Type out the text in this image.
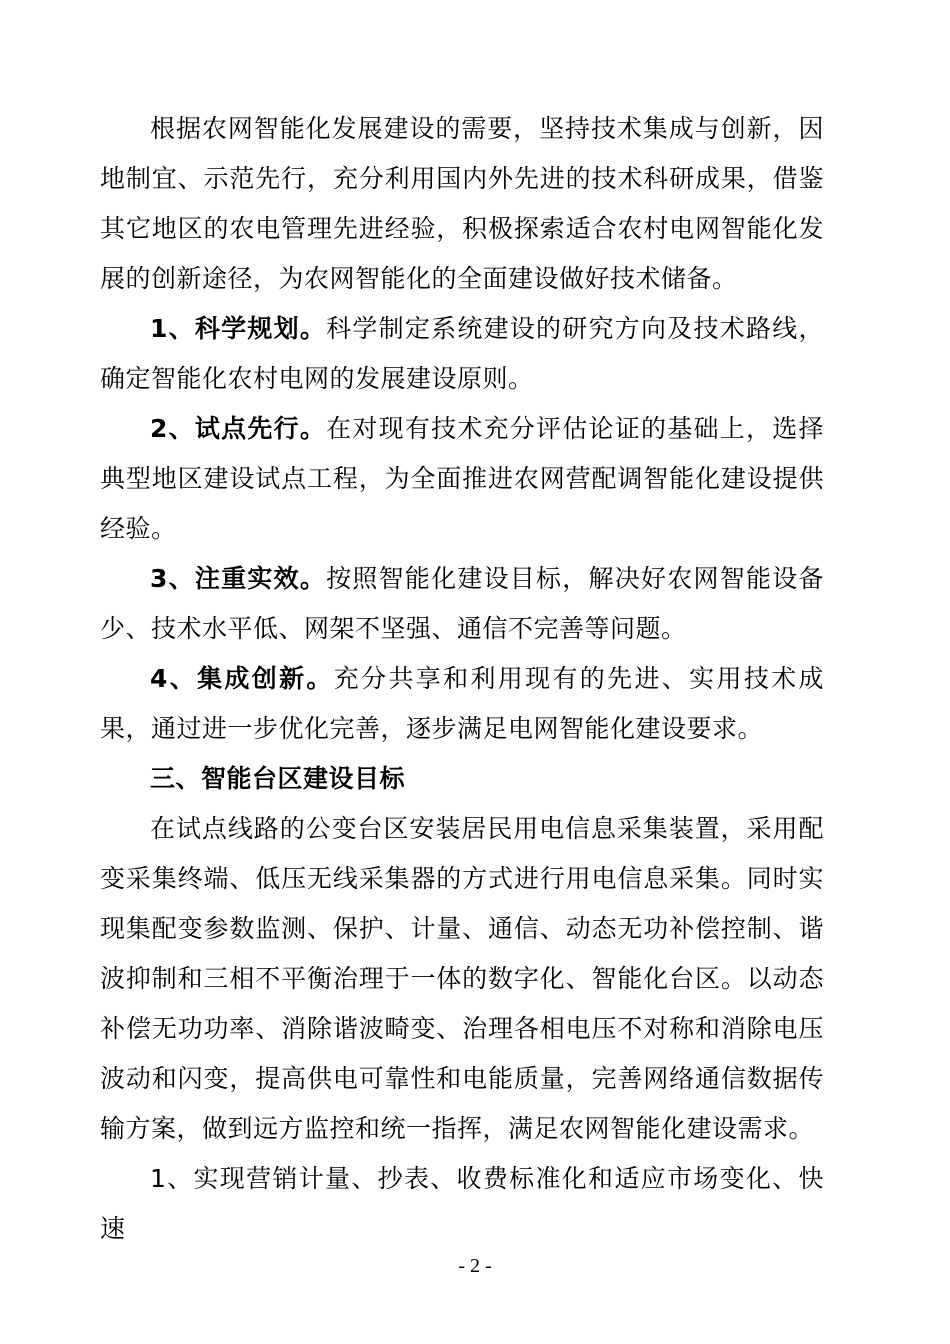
根据农网智能化发展建设的需要，坚持技术集成与创新，因地制宜、示范先行，充分利用国内外先进的技术科研成果，借鉴其它地区的农电管理先进经验，积极探索适合农村电网智能化发展的创新途径，为农网智能化的全面建设做好技术储备。

1、科学规划。科学制定系统建设的研究方向及技术路线，确定智能化农村电网的发展建设原则。

2、试点先行。在对现有技术充分评估论证的基础上，选择典型地区建设试点工程，为全面推进农网营配调智能化建设提供经验。

3、注重实效。按照智能化建设目标，解决好农网智能设备少、技术水平低、网架不坚强、通信不完善等问题。

4、集成创新。充分共享和利用现有的先进、实用技术成果，通过进一步优化完善，逐步满足电网智能化建设要求。

三、智能台区建设目标

在试点线路的公变台区安装居民用电信息采集装置，采用配变采集终端、低压无线采集器的方式进行用电信息采集。同时实现集配变参数监测、保护、计量、通信、动态无功补偿控制、谐波抑制和三相不平衡治理于一体的数字化、智能化台区。以动态补偿无功功率、消除谐波畸变、治理各相电压不对称和消除电压波动和闪变，提高供电可靠性和电能质量，完善网络通信数据传输方案，做到远方监控和统一指挥，满足农网智能化建设需求。

1、实现营销计量、抄表、收费标准化和适应市场变化、快速

- 2 -
